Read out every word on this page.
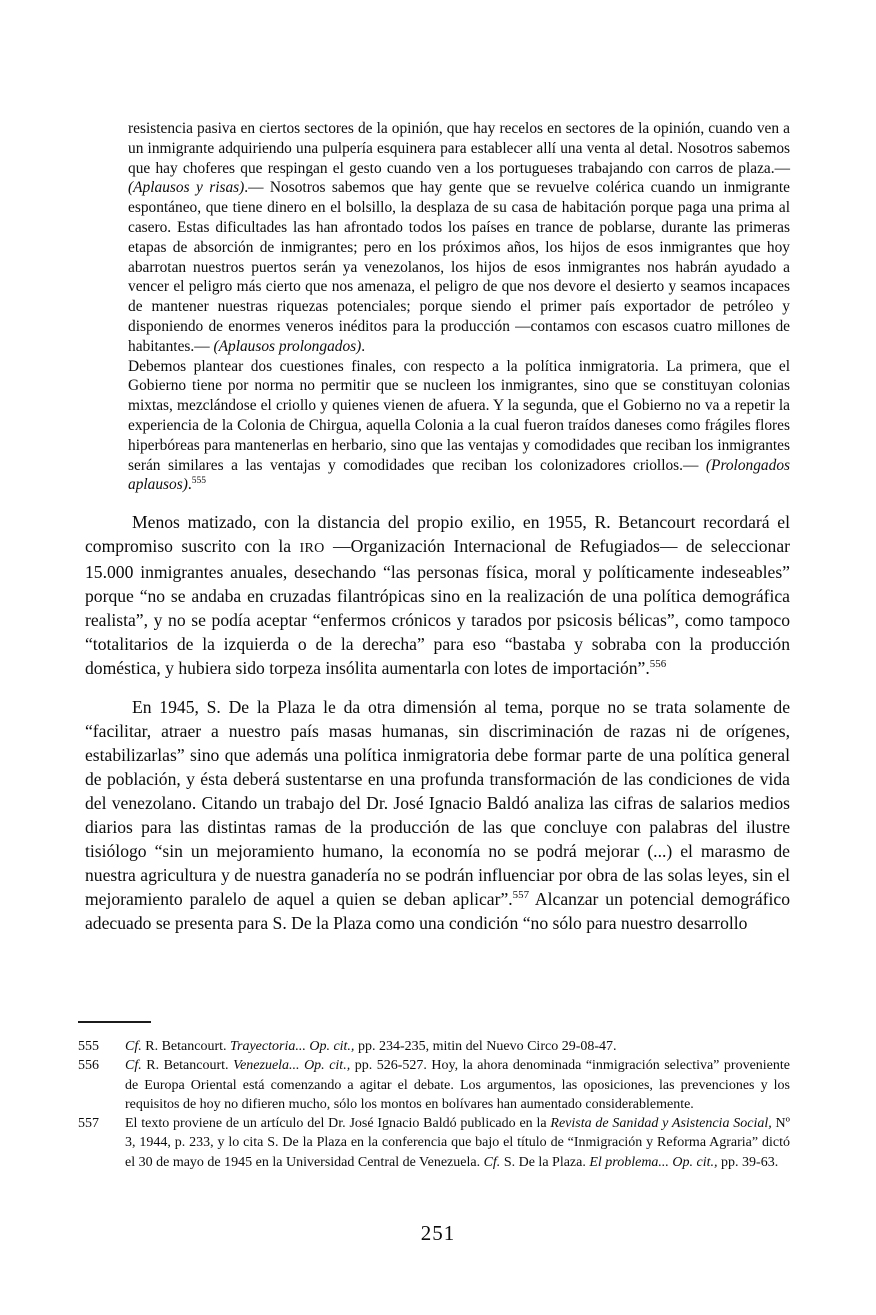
resistencia pasiva en ciertos sectores de la opinión, que hay recelos en sectores de la opinión, cuando ven a un inmigrante adquiriendo una pulpería esquinera para establecer allí una venta al detal. Nosotros sabemos que hay choferes que respingan el gesto cuando ven a los portugueses trabajando con carros de plaza.— (Aplausos y risas).— Nosotros sabemos que hay gente que se revuelve colérica cuando un inmigrante espontáneo, que tiene dinero en el bolsillo, la desplaza de su casa de habitación porque paga una prima al casero. Estas dificultades las han afrontado todos los países en trance de poblarse, durante las primeras etapas de absorción de inmigrantes; pero en los próximos años, los hijos de esos inmigrantes que hoy abarrotan nuestros puertos serán ya venezolanos, los hijos de esos inmigrantes nos habrán ayudado a vencer el peligro más cierto que nos amenaza, el peligro de que nos devore el desierto y seamos incapaces de mantener nuestras riquezas potenciales; porque siendo el primer país exportador de petróleo y disponiendo de enormes veneros inéditos para la producción —contamos con escasos cuatro millones de habitantes.— (Aplausos prolongados).

Debemos plantear dos cuestiones finales, con respecto a la política inmigratoria. La primera, que el Gobierno tiene por norma no permitir que se nucleen los inmigrantes, sino que se constituyan colonias mixtas, mezclándose el criollo y quienes vienen de afuera. Y la segunda, que el Gobierno no va a repetir la experiencia de la Colonia de Chirgua, aquella Colonia a la cual fueron traídos daneses como frágiles flores hiperbóreas para mantenerlas en herbario, sino que las ventajas y comodidades que reciban los inmigrantes serán similares a las ventajas y comodidades que reciban los colonizadores criollos.— (Prolongados aplausos).$^{555}$

Menos matizado, con la distancia del propio exilio, en 1955, R. Betancourt recordará el compromiso suscrito con la IRO —Organización Internacional de Refugiados— de seleccionar 15.000 inmigrantes anuales, desechando “las personas física, moral y políticamente indeseables” porque “no se andaba en cruzadas filantrópicas sino en la realización de una política demográfica realista”, y no se podía aceptar “enfermos crónicos y tarados por psicosis bélicas”, como tampoco “totalitarios de la izquierda o de la derecha” para eso “bastaba y sobraba con la producción doméstica, y hubiera sido torpeza insólita aumentarla con lotes de importación”.$^{556}$

En 1945, S. De la Plaza le da otra dimensión al tema, porque no se trata solamente de “facilitar, atraer a nuestro país masas humanas, sin discriminación de razas ni de orígenes, estabilizarlas” sino que además una política inmigratoria debe formar parte de una política general de población, y ésta deberá sustentarse en una profunda transformación de las condiciones de vida del venezolano. Citando un trabajo del Dr. José Ignacio Baldó analiza las cifras de salarios medios diarios para las distintas ramas de la producción de las que concluye con palabras del ilustre tisiólogo “sin un mejoramiento humano, la economía no se podrá mejorar (...) el marasmo de nuestra agricultura y de nuestra ganadería no se podrán influenciar por obra de las solas leyes, sin el mejoramiento paralelo de aquel a quien se deban aplicar”.$^{557}$ Alcanzar un potencial demográfico adecuado se presenta para S. De la Plaza como una condición “no sólo para nuestro desarrollo

555	Cf. R. Betancourt. Trayectoria... Op. cit., pp. 234-235, mitin del Nuevo Circo 29-08-47.
556	Cf. R. Betancourt. Venezuela... Op. cit., pp. 526-527. Hoy, la ahora denominada “inmigración selectiva” proveniente de Europa Oriental está comenzando a agitar el debate. Los argumentos, las oposiciones, las prevenciones y los requisitos de hoy no difieren mucho, sólo los montos en bolívares han aumentado considerablemente.
557	El texto proviene de un artículo del Dr. José Ignacio Baldó publicado en la Revista de Sanidad y Asistencia Social, Nº 3, 1944, p. 233, y lo cita S. De la Plaza en la conferencia que bajo el título de “Inmigración y Reforma Agraria” dictó el 30 de mayo de 1945 en la Universidad Central de Venezuela. Cf. S. De la Plaza. El problema... Op. cit., pp. 39-63.
251
